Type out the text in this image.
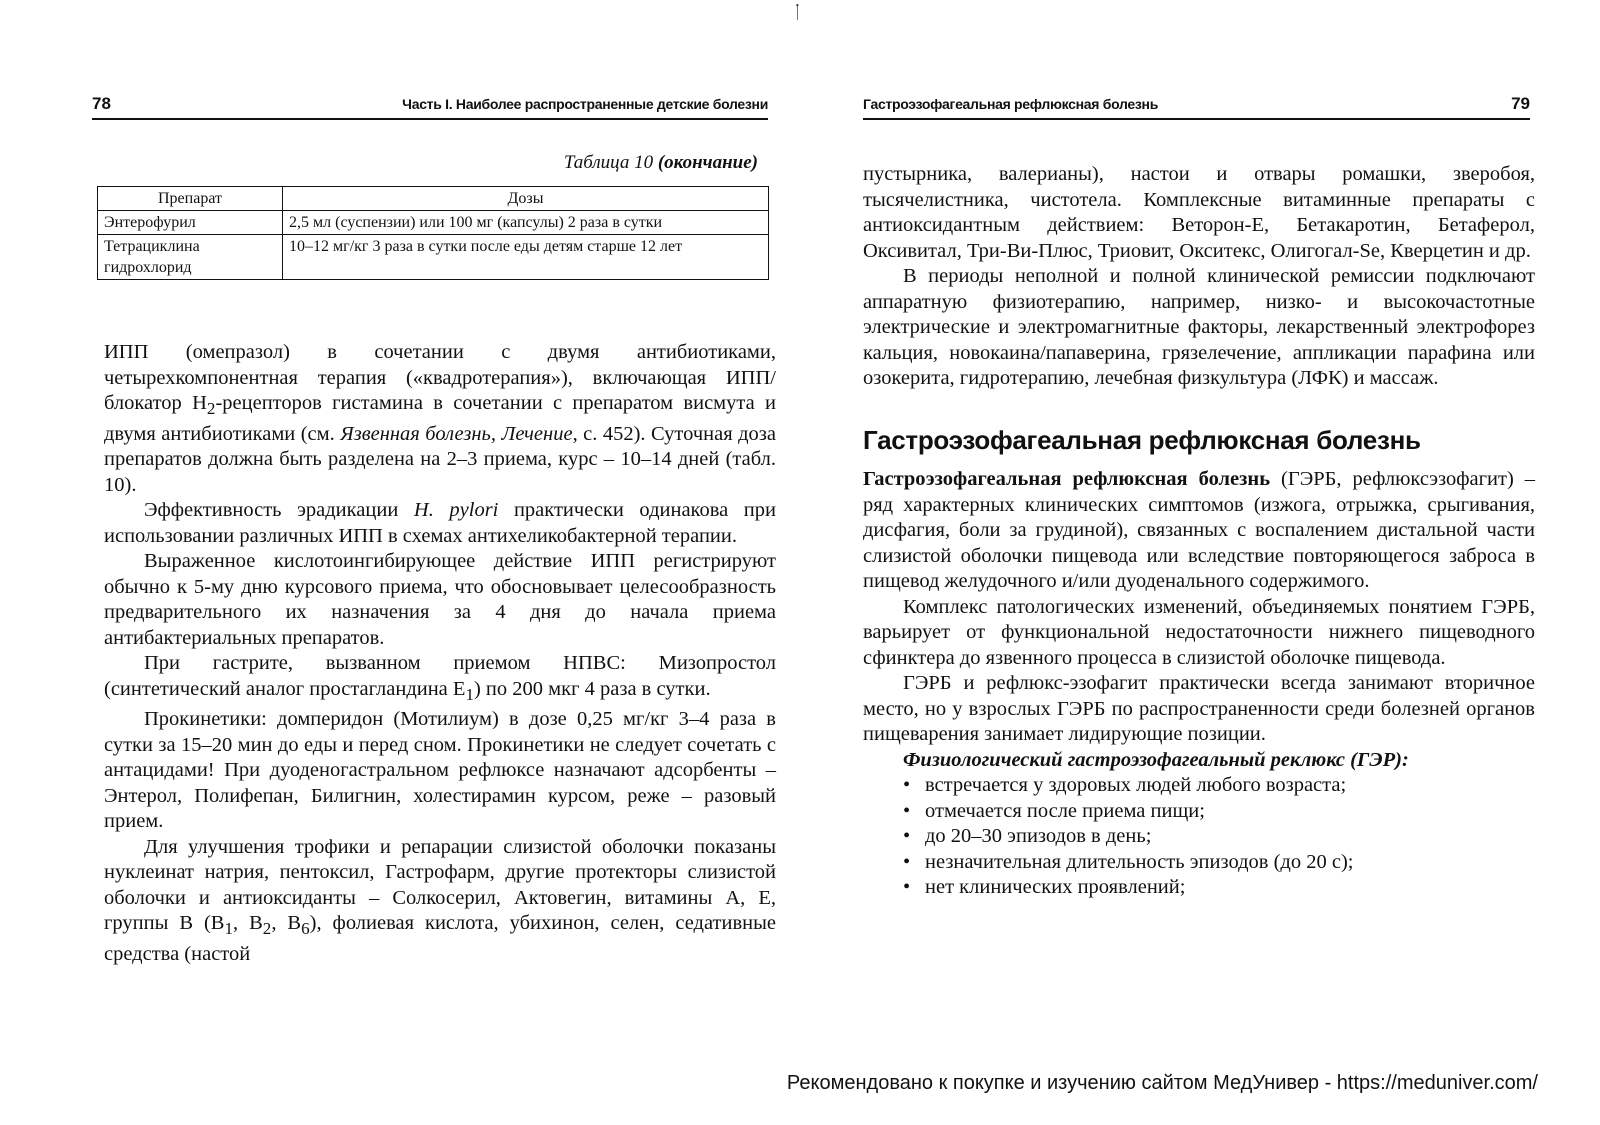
ᛙ
78	Часть I. Наиболее распространенные детские болезни
Таблица 10 (окончание)
Препарат	Дозы
Энтерофурил	2,5 мл (суспензии) или 100 мг (капсулы) 2 раза в сутки
Тетрациклина гидрохлорид	10–12 мг/кг 3 раза в сутки после еды детям старше 12 лет

ИПП (омепразол) в сочетании с двумя антибиотиками, четырехкомпонентная терапия («квадротерапия»), включающая ИПП/блокатор $H_2$-рецепторов гистамина в сочетании с препаратом висмута и двумя антибиотиками (см. Язвенная болезнь, Лечение, с. 452). Суточная доза препаратов должна быть разделена на 2–3 приема, курс – 10–14 дней (табл. 10).

Эффективность эрадикации H. pylori практически одинакова при использовании различных ИПП в схемах антихеликобактерной терапии.

Выраженное кислотоингибирующее действие ИПП регистрируют обычно к 5-му дню курсового приема, что обосновывает целесообразность предварительного их назначения за 4 дня до начала приема антибактериальных препаратов.

При гастрите, вызванном приемом НПВС: Мизопростол (синтетический аналог простагландина $E_1$) по 200 мкг 4 раза в сутки.

Прокинетики: домперидон (Мотилиум) в дозе 0,25 мг/кг 3–4 раза в сутки за 15–20 мин до еды и перед сном. Прокинетики не следует сочетать с антацидами! При дуоденогастральном рефлюксе назначают адсорбенты – Энтерол, Полифепан, Билигнин, холестирамин курсом, реже – разовый прием.

Для улучшения трофики и репарации слизистой оболочки показаны нуклеинат натрия, пентоксил, Гастрофарм, другие протекторы слизистой оболочки и антиоксиданты – Солкосерил, Актовегин, витамины А, Е, группы В ($B_1$, $B_2$, $B_6$), фолиевая кислота, убихинон, селен, седативные средства (настой

Гастроэзофагеальная рефлюксная болезнь	79

пустырника, валерианы), настои и отвары ромашки, зверобоя, тысячелистника, чистотела. Комплексные витаминные препараты с антиоксидантным действием: Веторон-Е, Бетакаротин, Бетаферол, Оксивитал, Три-Ви-Плюс, Триовит, Окситекс, Олигогал-Se, Кверцетин и др.

В периоды неполной и полной клинической ремиссии подключают аппаратную физиотерапию, например, низко- и высокочастотные электрические и электромагнитные факторы, лекарственный электрофорез кальция, новокаина/папаверина, грязелечение, аппликации парафина или озокерита, гидротерапию, лечебная физкультура (ЛФК) и массаж.

Гастроэзофагеальная рефлюксная болезнь

Гастроэзофагеальная рефлюксная болезнь (ГЭРБ, рефлюксэзофагит) – ряд характерных клинических симптомов (изжога, отрыжка, срыгивания, дисфагия, боли за грудиной), связанных с воспалением дистальной части слизистой оболочки пищевода или вследствие повторяющегося заброса в пищевод желудочного и/или дуоденального содержимого.

Комплекс патологических изменений, объединяемых понятием ГЭРБ, варьирует от функциональной недостаточности нижнего пищеводного сфинктера до язвенного процесса в слизистой оболочке пищевода.

ГЭРБ и рефлюкс-эзофагит практически всегда занимают вторичное место, но у взрослых ГЭРБ по распространенности среди болезней органов пищеварения занимает лидирующие позиции.

Физиологический гастроэзофагеальный реклюкс (ГЭР):

• встречается у здоровых людей любого возраста;
• отмечается после приема пищи;
• до 20–30 эпизодов в день;
• незначительная длительность эпизодов (до 20 с);
• нет клинических проявлений;
Рекомендовано к покупке и изучению сайтом МедУнивер - https://meduniver.com/
